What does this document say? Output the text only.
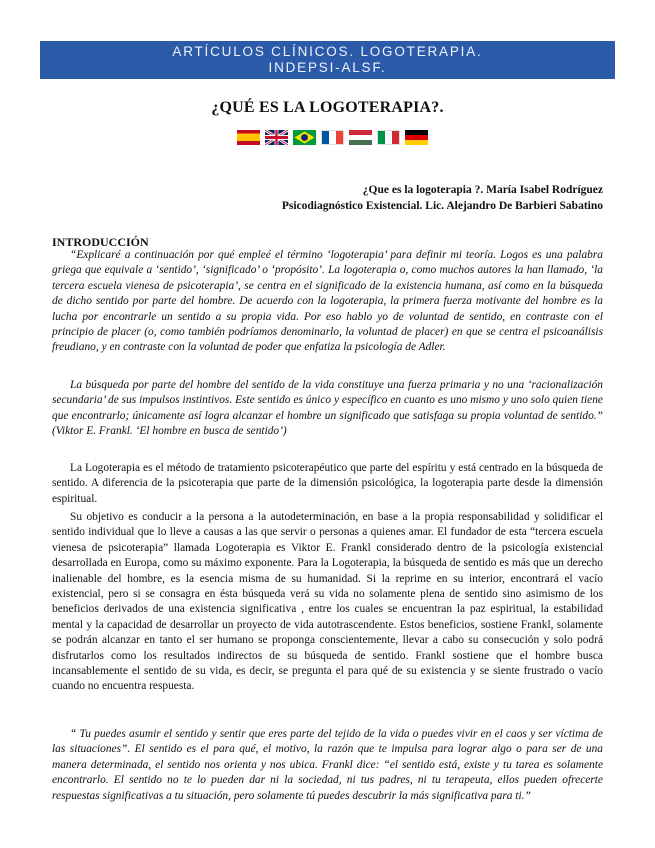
ARTÍCULOS CLÍNICOS. LOGOTERAPIA.
INDEPSI-ALSF.
¿QUÉ ES LA LOGOTERAPIA?.
¿Que es la logoterapia ?. María Isabel Rodríguez
Psicodiagnóstico Existencial. Lic. Alejandro De Barbieri Sabatino
INTRODUCCIÓN

“Explicaré a continuación por qué empleé el término ‘logoterapia’ para definir mi teoría. Logos es una palabra griega que equivale a ‘sentido’, ‘significado’ o ‘propósito’. La logoterapia o, como muchos autores la han llamado, ‘la tercera escuela vienesa de psicoterapia’, se centra en el significado de la existencia humana, así como en la búsqueda de dicho sentido por parte del hombre. De acuerdo con la logoterapia, la primera fuerza motivante del hombre es la lucha por encontrarle un sentido a su propia vida. Por eso hablo yo de voluntad de sentido, en contraste con el principio de placer (o, como también podríamos denominarlo, la voluntad de placer) en que se centra el psicoanálisis freudiano, y en contraste con la voluntad de poder que enfatiza la psicología de Adler.

La búsqueda por parte del hombre del sentido de la vida constituye una fuerza primaria y no una ‘racionalización secundaria’ de sus impulsos instintivos. Este sentido es único y específico en cuanto es uno mismo y uno solo quien tiene que encontrarlo; únicamente así logra alcanzar el hombre un significado que satisfaga su propia voluntad de sentido.” (Viktor E. Frankl. ‘El hombre en busca de sentido’)

La Logoterapia es el método de tratamiento psicoterapéutico que parte del espíritu y está centrado en la búsqueda de sentido. A diferencia de la psicoterapia que parte de la dimensión psicológica, la logoterapia parte desde la dimensión espiritual.

Su objetivo es conducir a la persona a la autodeterminación, en base a la propia responsabilidad y solidificar el sentido individual que lo lleve a causas a las que servir o personas a quienes amar. El fundador de esta “tercera escuela vienesa de psicoterapia” llamada Logoterapia es Viktor E. Frankl considerado dentro de la psicología existencial desarrollada en Europa, como su máximo exponente. Para la Logoterapia, la búsqueda de sentido es más que un derecho inalienable del hombre, es la esencia misma de su humanidad. Si la reprime en su interior, encontrará el vacío existencial, pero si se consagra en ésta búsqueda verá su vida no solamente plena de sentido sino asimismo de los beneficios derivados de una existencia significativa , entre los cuales se encuentran la paz espiritual, la estabilidad mental y la capacidad de desarrollar un proyecto de vida autotrascendente. Estos beneficios, sostiene Frankl, solamente se podrán alcanzar en tanto el ser humano se proponga conscientemente, llevar a cabo su consecución y solo podrá disfrutarlos como los resultados indirectos de su búsqueda de sentido. Frankl sostiene que el hombre busca incansablemente el sentido de su vida, es decir, se pregunta el para qué de su existencia y se siente frustrado o vacío cuando no encuentra respuesta.

“ Tu puedes asumir el sentido y sentir que eres parte del tejido de la vida o puedes vivir en el caos y ser víctima de las situaciones”. El sentido es el para qué, el motivo, la razón que te impulsa para lograr algo o para ser de una manera determinada, el sentido nos orienta y nos ubica. Frankl dice: “el sentido está, existe y tu tarea es solamente encontrarlo. El sentido no te lo pueden dar ni la sociedad, ni tus padres, ni tu terapeuta, ellos pueden ofrecerte respuestas significativas a tu situación, pero solamente tú puedes descubrir la más significativa para ti.”
